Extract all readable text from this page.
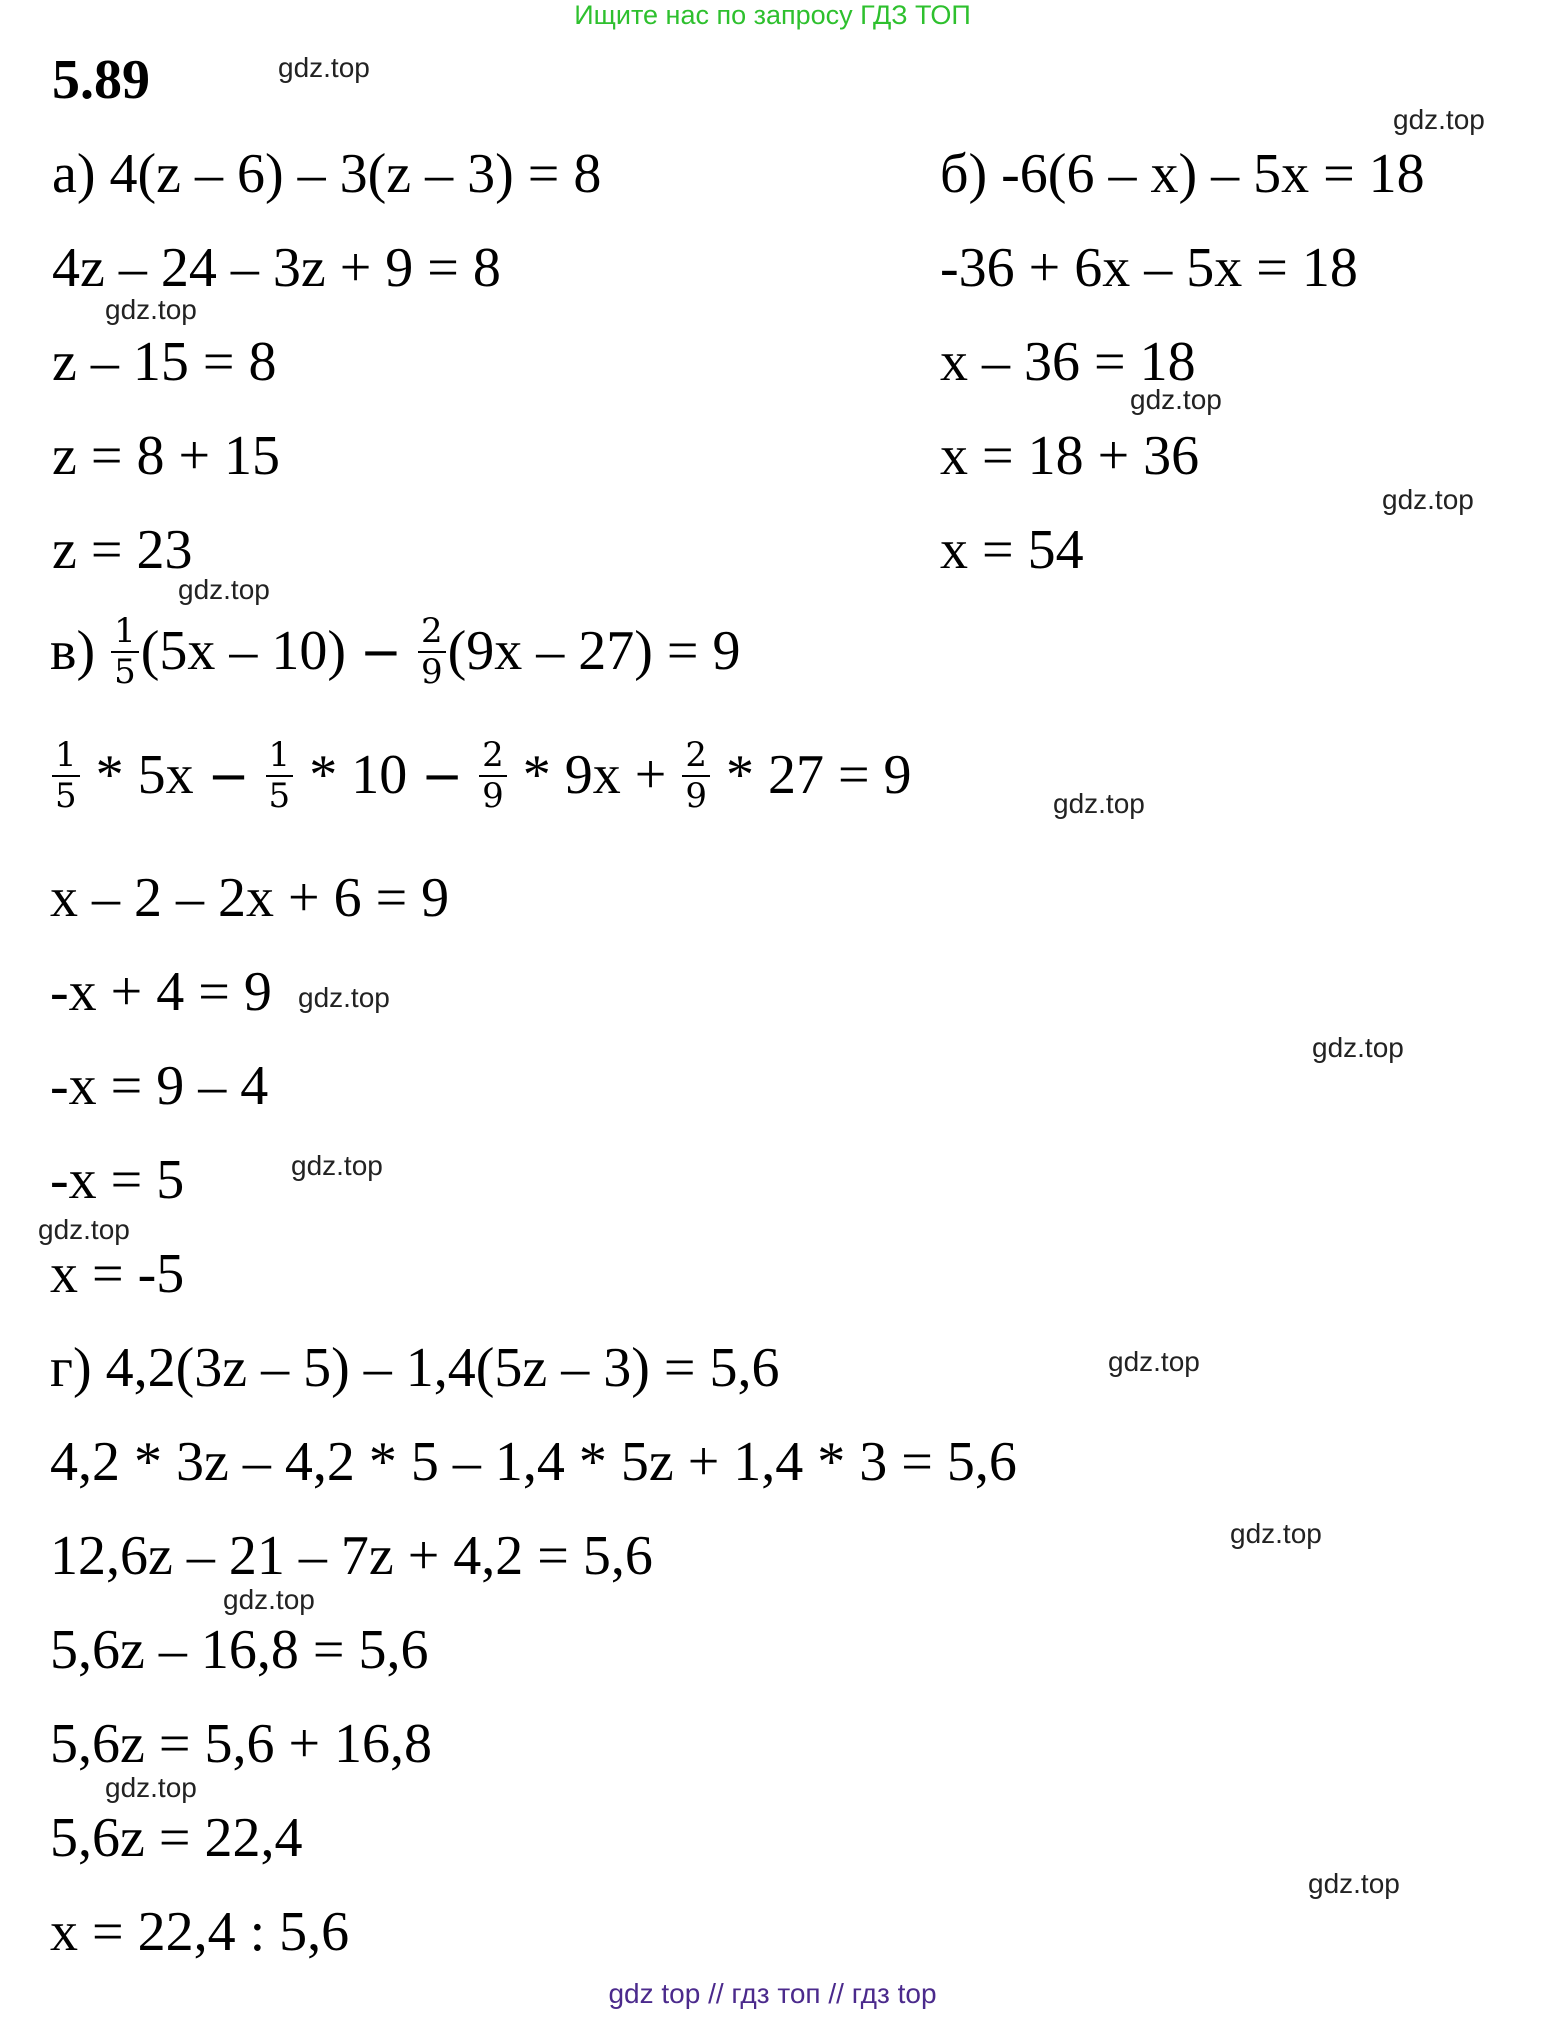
Ищите нас по запросу ГДЗ ТОП
5.89	gdz.top
gdz.top
gdz.top
gdz.top
gdz.top
gdz.top
gdz.top
gdz.top
gdz.top
gdz.top
gdz.top
gdz.top
gdz.top
gdz.top
gdz.top
gdz.top
а) 4(z – 6) – 3(z – 3) = 8
4z – 24 – 3z + 9 = 8
z – 15 = 8
z = 8 + 15
z = 23
б) -6(6 – x) – 5x = 18
-36 + 6x – 5x = 18
x – 36 = 18
x = 18 + 36
x = 54
$в) \frac{1}{5} (5x - 10) - \frac{2}{9} (9x - 27) = 9$
$\frac{1}{5} * 5x - \frac{1}{5} * 10 - \frac{2}{9} * 9x + \frac{2}{9} * 27 = 9$
x – 2 – 2x + 6 = 9
-x + 4 = 9
-x = 9 – 4
-x = 5
x = -5
г) 4,2(3z – 5) – 1,4(5z – 3) = 5,6
4,2 * 3z – 4,2 * 5 – 1,4 * 5z + 1,4 * 3 = 5,6
12,6z – 21 – 7z + 4,2 = 5,6
5,6z – 16,8 = 5,6
5,6z = 5,6 + 16,8
5,6z = 22,4
x = 22,4 : 5,6
gdz top // гдз топ // гдз top
